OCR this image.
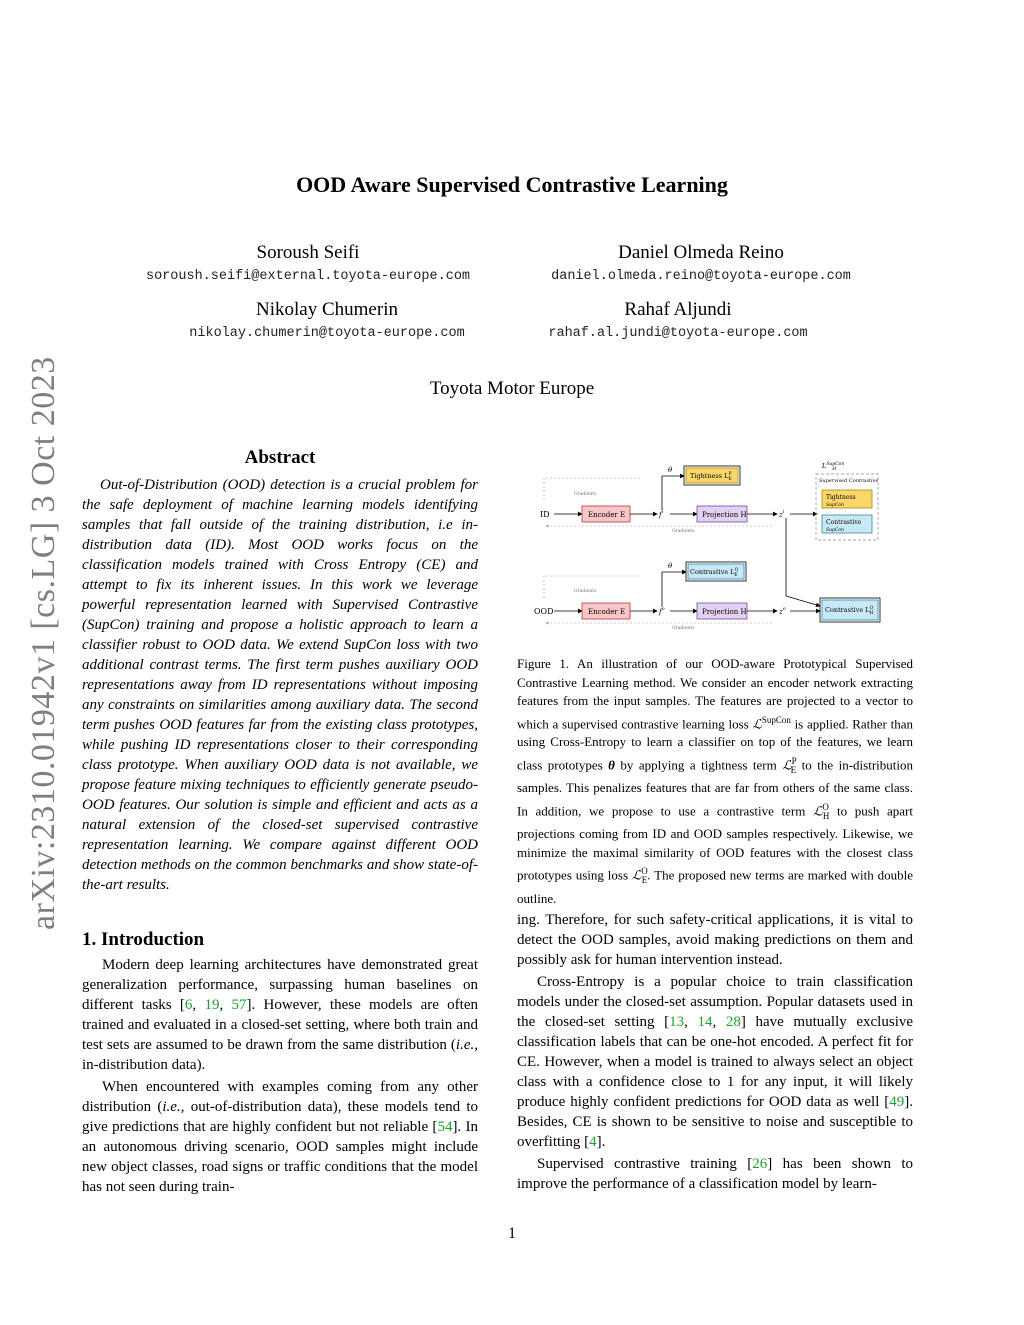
arXiv:2310.01942v1 [cs.LG] 3 Oct 2023
OOD Aware Supervised Contrastive Learning
Soroush Seifi
soroush.seifi@external.toyota-europe.com
Daniel Olmeda Reino
daniel.olmeda.reino@toyota-europe.com
Nikolay Chumerin
nikolay.chumerin@toyota-europe.com
Rahaf Aljundi
rahaf.al.jundi@toyota-europe.com
Toyota Motor Europe
Abstract

Out-of-Distribution (OOD) detection is a crucial problem for the safe deployment of machine learning models identifying samples that fall outside of the training distribution, i.e in-distribution data (ID). Most OOD works focus on the classification models trained with Cross Entropy (CE) and attempt to fix its inherent issues. In this work we leverage powerful representation learned with Supervised Contrastive (SupCon) training and propose a holistic approach to learn a classifier robust to OOD data. We extend SupCon loss with two additional contrast terms. The first term pushes auxiliary OOD representations away from ID representations without imposing any constraints on similarities among auxiliary data. The second term pushes OOD features far from the existing class prototypes, while pushing ID representations closer to their corresponding class prototype. When auxiliary OOD data is not available, we propose feature mixing techniques to efficiently generate pseudo-OOD features. Our solution is simple and efficient and acts as a natural extension of the closed-set supervised contrastive representation learning. We compare against different OOD detection methods on the common benchmarks and show state-of-the-art results.

1. Introduction

Modern deep learning architectures have demonstrated great generalization performance, surpassing human baselines on different tasks [6, 19, 57]. However, these models are often trained and evaluated in a closed-set setting, where both train and test sets are assumed to be drawn from the same distribution (i.e., in-distribution data).

When encountered with examples coming from any other distribution (i.e., out-of-distribution data), these models tend to give predictions that are highly confident but not reliable [54]. In an autonomous driving scenario, OOD samples might include new object classes, road signs or traffic conditions that the model has not seen during train-

ID	Encoder E	$f^i$	Projection H	$z^i$
θ
Tightness $L^P$ E
Gradients
Gradients
$L^{SupCon}$ H
Supervised Contrastive
Tightness
SupCon
Contrastive
SupCon
OOD	Encoder E	$f^o$	Projection H	$z^o$	Contrastive $L^O$ H
θ
Contrastive $L^O$ E
Gradients
Gradients
Figure 1. An illustration of our OOD-aware Prototypical Supervised Contrastive Learning method. We consider an encoder network extracting features from the input samples. The features are projected to a vector to which a supervised contrastive learning loss ℒ$^{SupCon}$ is applied. Rather than using Cross-Entropy to learn a classifier on top of the features, we learn class prototypes θ by applying a tightness term ℒ$^P_E$ to the in-distribution samples. This penalizes features that are far from others of the same class. In addition, we propose to use a contrastive term ℒ$^O_H$ to push apart projections coming from ID and OOD samples respectively. Likewise, we minimize the maximal similarity of OOD features with the closest class prototypes using loss ℒ$^O_E$. The proposed new terms are marked with double outline.

ing. Therefore, for such safety-critical applications, it is vital to detect the OOD samples, avoid making predictions on them and possibly ask for human intervention instead.

Cross-Entropy is a popular choice to train classification models under the closed-set assumption. Popular datasets used in the closed-set setting [13, 14, 28] have mutually exclusive classification labels that can be one-hot encoded. A perfect fit for CE. However, when a model is trained to always select an object class with a confidence close to 1 for any input, it will likely produce highly confident predictions for OOD data as well [49]. Besides, CE is shown to be sensitive to noise and susceptible to overfitting [4].

Supervised contrastive training [26] has been shown to improve the performance of a classification model by learn-

1
